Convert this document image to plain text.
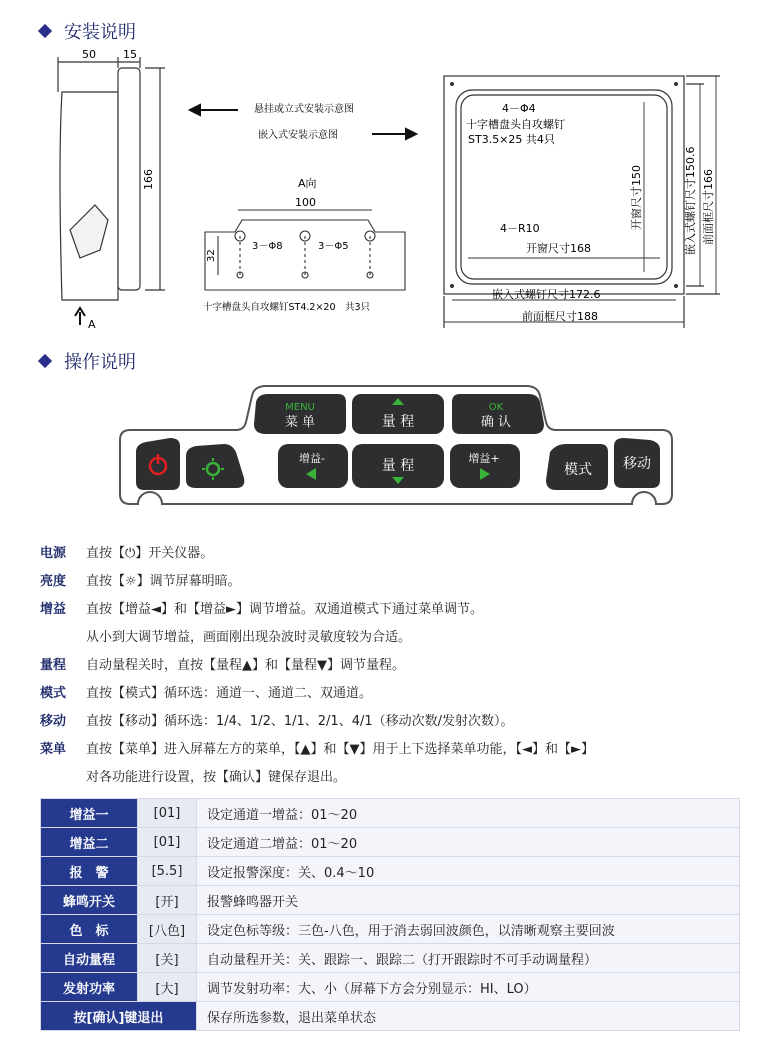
安装说明
50 15
166
A
悬挂或立式安装示意图
嵌入式安装示意图
A向
100
32
3－Φ8	3－Φ5
十字槽盘头自攻螺钉ST4.2×20　共3只
4－Φ4
十字槽盘头自攻螺钉
ST3.5×25 共4只
开窗尺寸150
4－R10
开窗尺寸168	嵌入式螺钉尺寸150.6 前面框尺寸166
嵌入式螺钉尺寸172.6
前面框尺寸188
操作说明
MENU
菜 单	量 程
OK
确 认
增益-	量 程	增益+
模式 移动
电源	直按【⏻】开关仪器。
亮度	直按【☼】调节屏幕明暗。
增益	直按【增益◄】和【增益►】调节增益。双通道模式下通过菜单调节。
从小到大调节增益，画面刚出现杂波时灵敏度较为合适。
量程	自动量程关时，直按【量程▲】和【量程▼】调节量程。
模式	直按【模式】循环选：通道一、通道二、双通道。
移动	直按【移动】循环选：1/4、1/2、1/1、2/1、4/1（移动次数/发射次数）。
菜单	直按【菜单】进入屏幕左方的菜单，【▲】和【▼】用于上下选择菜单功能，【◄】和【►】
对各功能进行设置，按【确认】键保存退出。
增益一	[01]	设定通道一增益：01～20
增益二	[01]	设定通道二增益：01～20
报　警	[5.5]	设定报警深度：关、0.4～10
蜂鸣开关	[开]	报警蜂鸣器开关
色　标	[八色]	设定色标等级：三色-八色，用于消去弱回波颜色，以清晰观察主要回波
自动量程	[关]	自动量程开关：关、跟踪一、跟踪二（打开跟踪时不可手动调量程）
发射功率	[大]	调节发射功率：大、小（屏幕下方会分别显示：HI、LO）
按[确认]键退出		保存所选参数，退出菜单状态
